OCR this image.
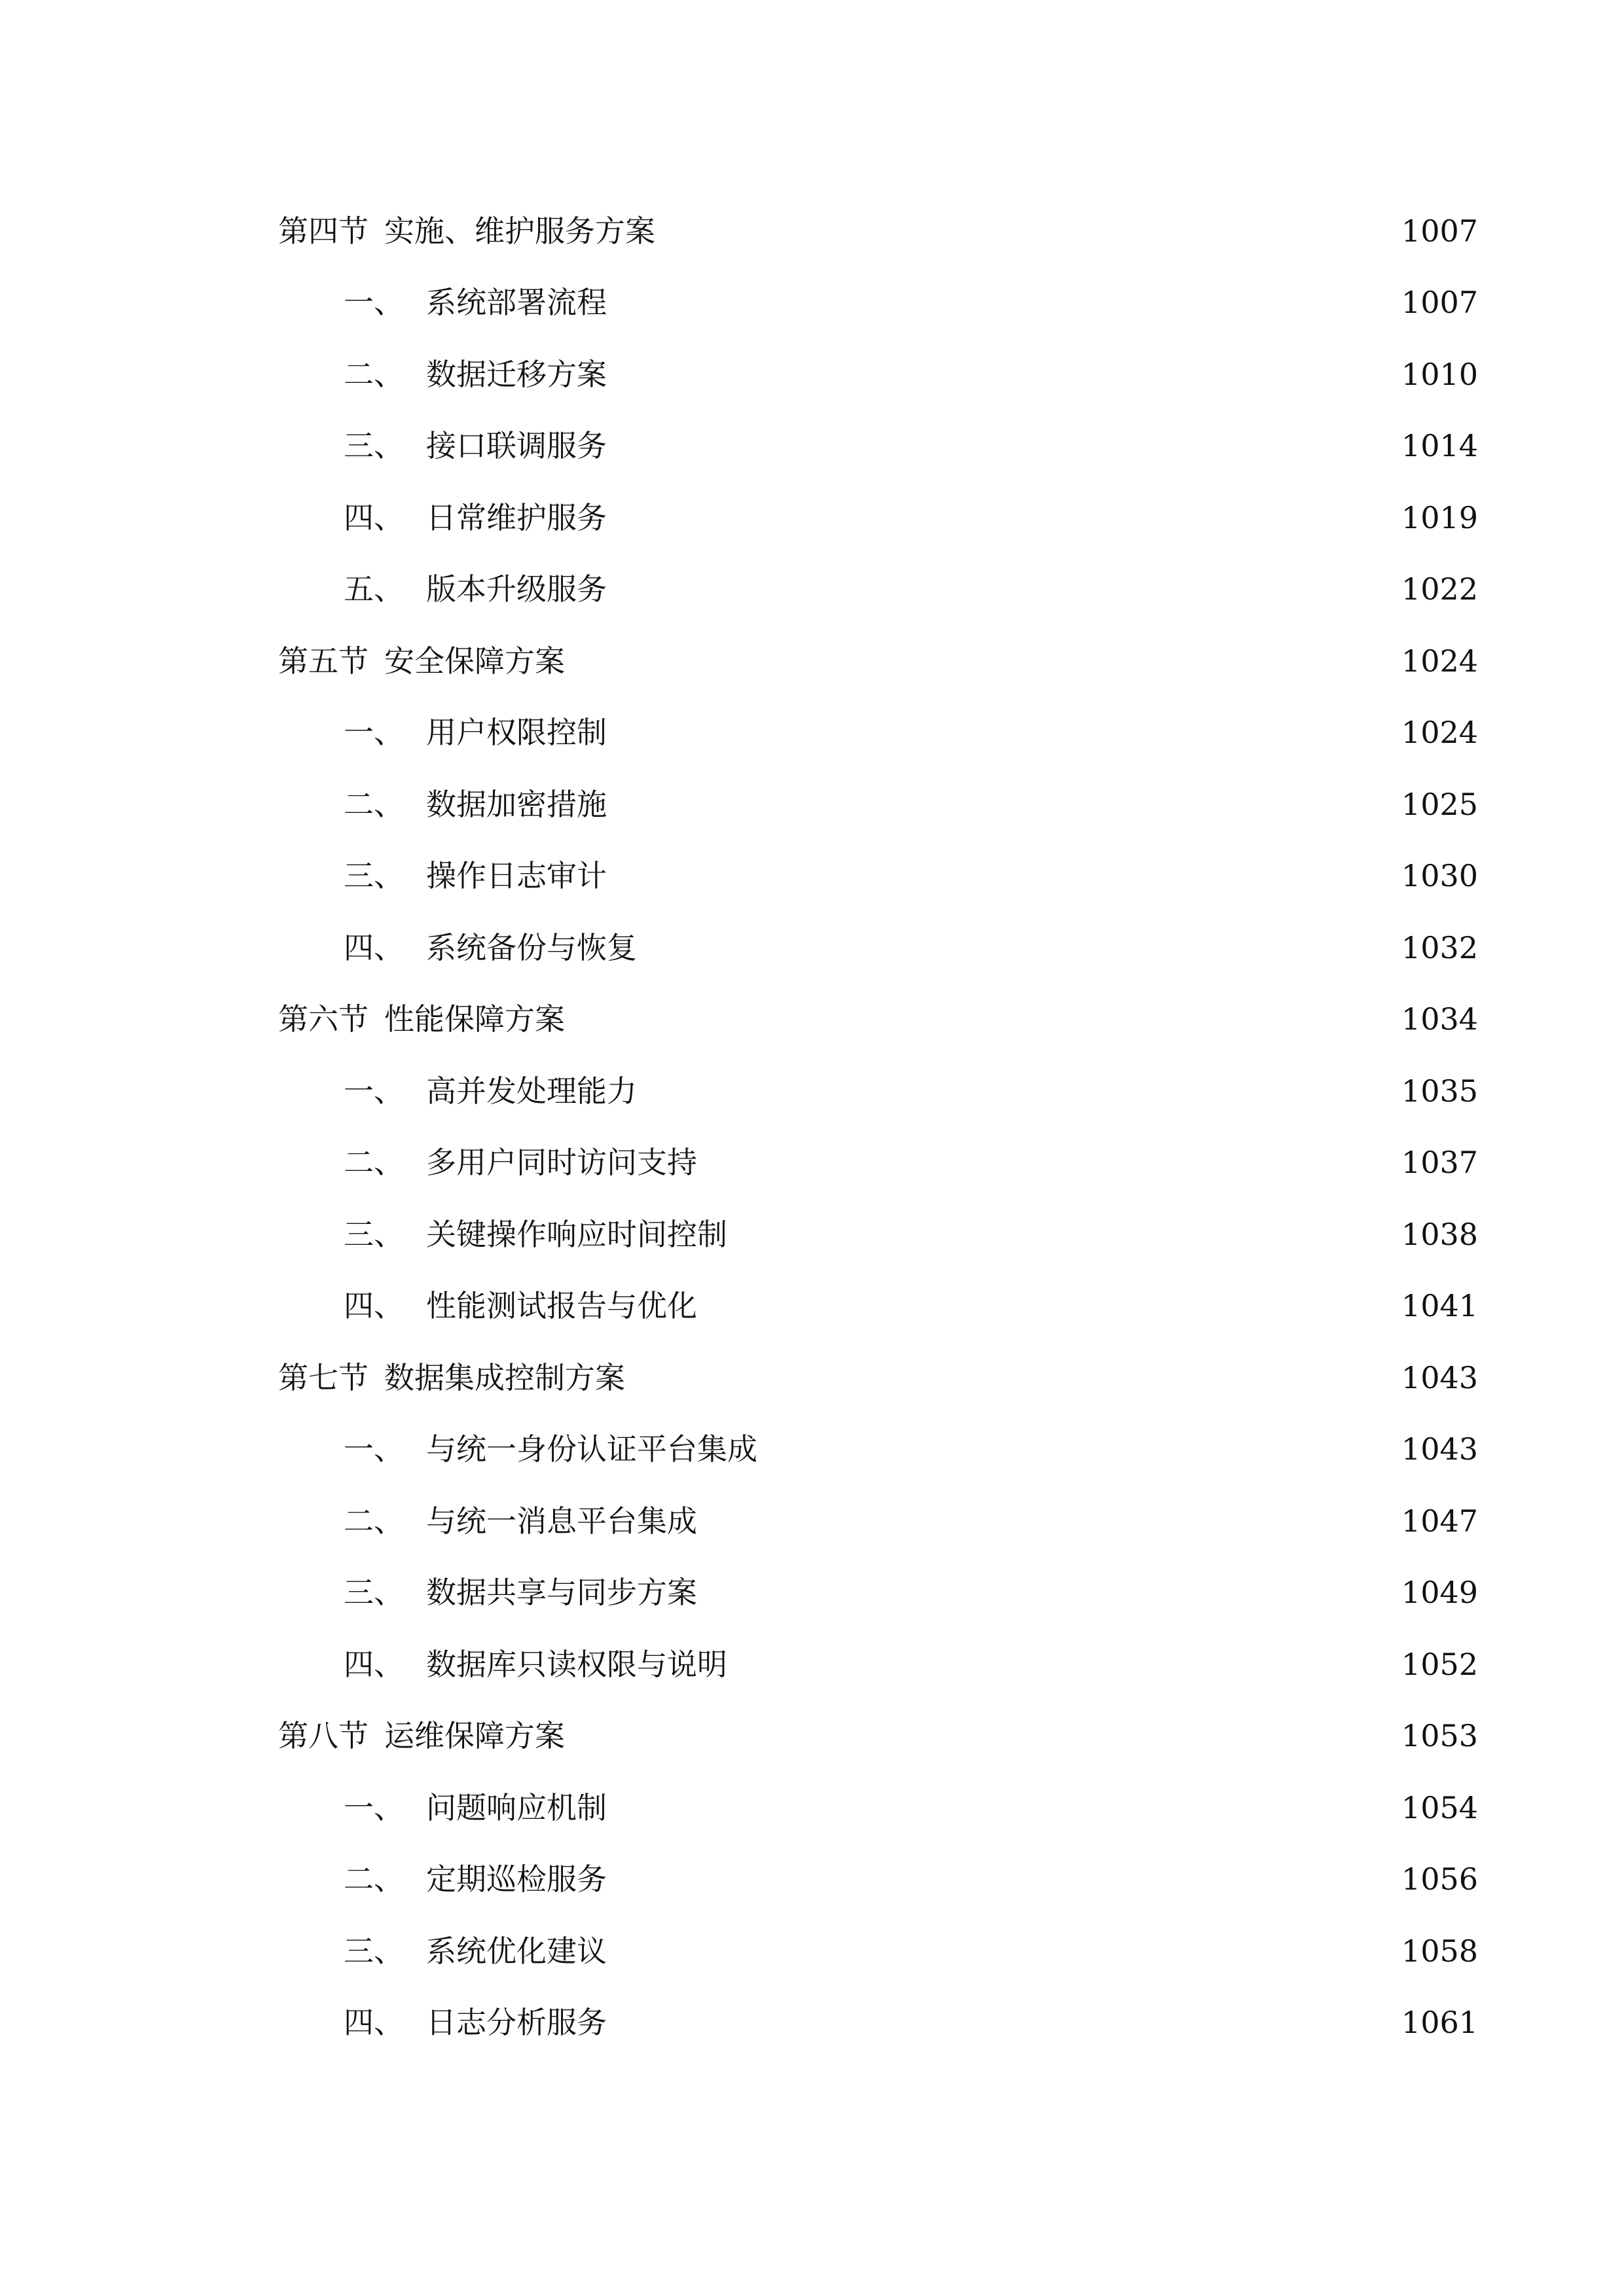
第四节 实施、维护服务方案	1007
一、 系统部署流程	1007
二、 数据迁移方案	1010
三、 接口联调服务	1014
四、 日常维护服务	1019
五、 版本升级服务	1022
第五节 安全保障方案	1024
一、 用户权限控制	1024
二、 数据加密措施	1025
三、 操作日志审计	1030
四、 系统备份与恢复	1032
第六节 性能保障方案	1034
一、 高并发处理能力	1035
二、 多用户同时访问支持	1037
三、 关键操作响应时间控制	1038
四、 性能测试报告与优化	1041
第七节 数据集成控制方案	1043
一、 与统一身份认证平台集成	1043
二、 与统一消息平台集成	1047
三、 数据共享与同步方案	1049
四、 数据库只读权限与说明	1052
第八节 运维保障方案	1053
一、 问题响应机制	1054
二、 定期巡检服务	1056
三、 系统优化建议	1058
四、 日志分析服务	1061
